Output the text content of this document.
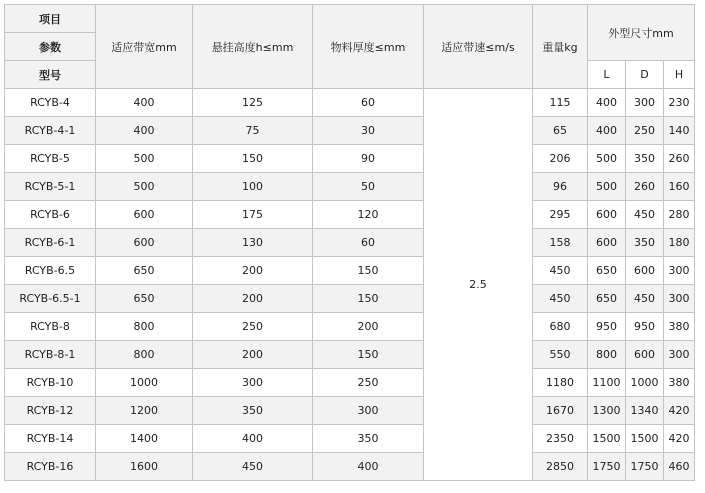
项目	适应带宽mm	悬挂高度h≤mm	物料厚度≤mm	适应带速≤m/s	重量kg	外型尺寸mm		
参数								
型号						L	D	H
RCYB-4	400	125	60	2.5	115	400	300	230
RCYB-4-1	400	75	30		65	400	250	140
RCYB-5	500	150	90		206	500	350	260
RCYB-5-1	500	100	50		96	500	260	160
RCYB-6	600	175	120		295	600	450	280
RCYB-6-1	600	130	60		158	600	350	180
RCYB-6.5	650	200	150		450	650	600	300
RCYB-6.5-1	650	200	150		450	650	450	300
RCYB-8	800	250	200		680	950	950	380
RCYB-8-1	800	200	150		550	800	600	300
RCYB-10	1000	300	250		1180	1100	1000	380
RCYB-12	1200	350	300		1670	1300	1340	420
RCYB-14	1400	400	350		2350	1500	1500	420
RCYB-16	1600	450	400		2850	1750	1750	460
